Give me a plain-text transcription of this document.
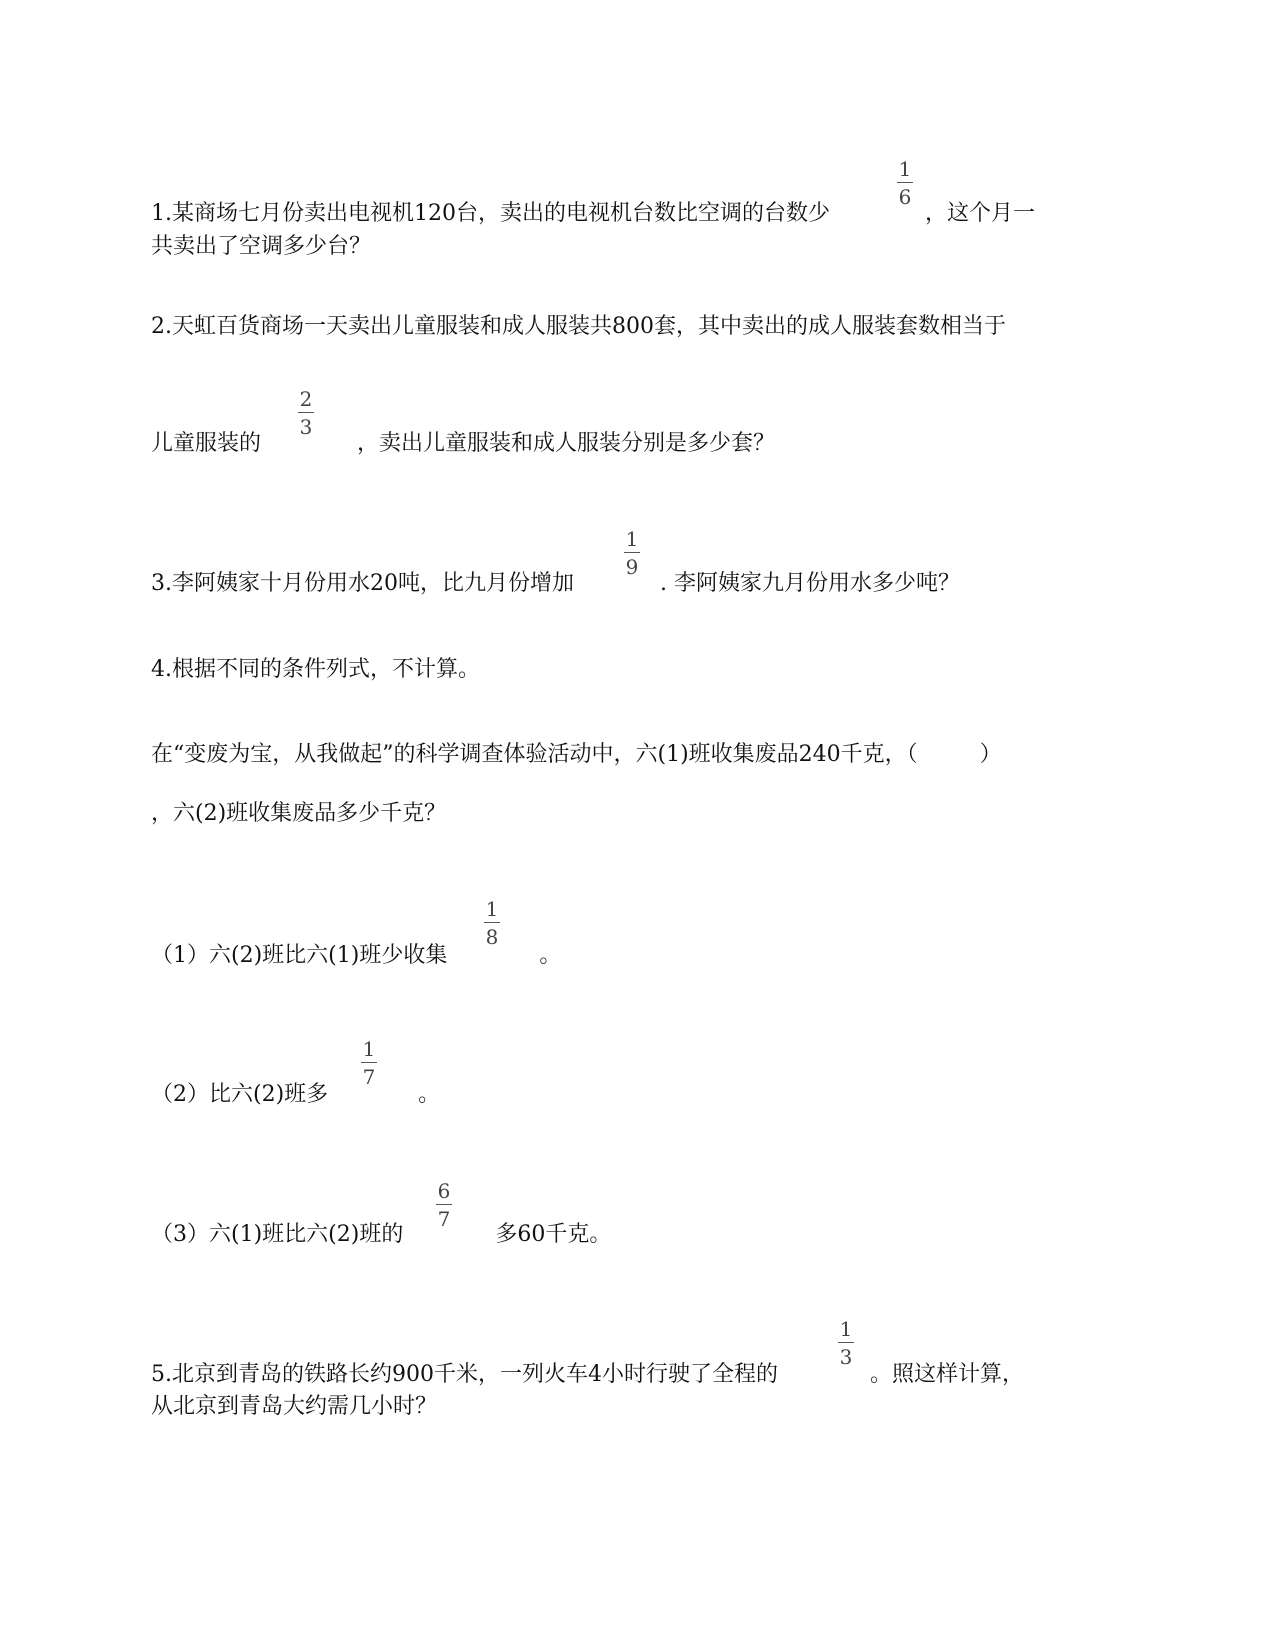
1
6
1.某商场七月份卖出电视机120台，卖出的电视机台数比空调的台数少	，这个月一
共卖出了空调多少台？
2.天虹百货商场一天卖出儿童服装和成人服装共800套，其中卖出的成人服装套数相当于
2
3
儿童服装的	，卖出儿童服装和成人服装分别是多少套？
1
9
3.李阿姨家十月份用水20吨，比九月份增加	. 李阿姨家九月份用水多少吨？
4.根据不同的条件列式，不计算。
在“变废为宝，从我做起”的科学调查体验活动中，六(1)班收集废品240千克，（	）
，六(2)班收集废品多少千克？
1
8
（1）六(2)班比六(1)班少收集	。
1
7
（2）比六(2)班多	。
6
7
（3）六(1)班比六(2)班的	多60千克。
1
3
5.北京到青岛的铁路长约900千米，一列火车4小时行驶了全程的	。照这样计算，
从北京到青岛大约需几小时？
